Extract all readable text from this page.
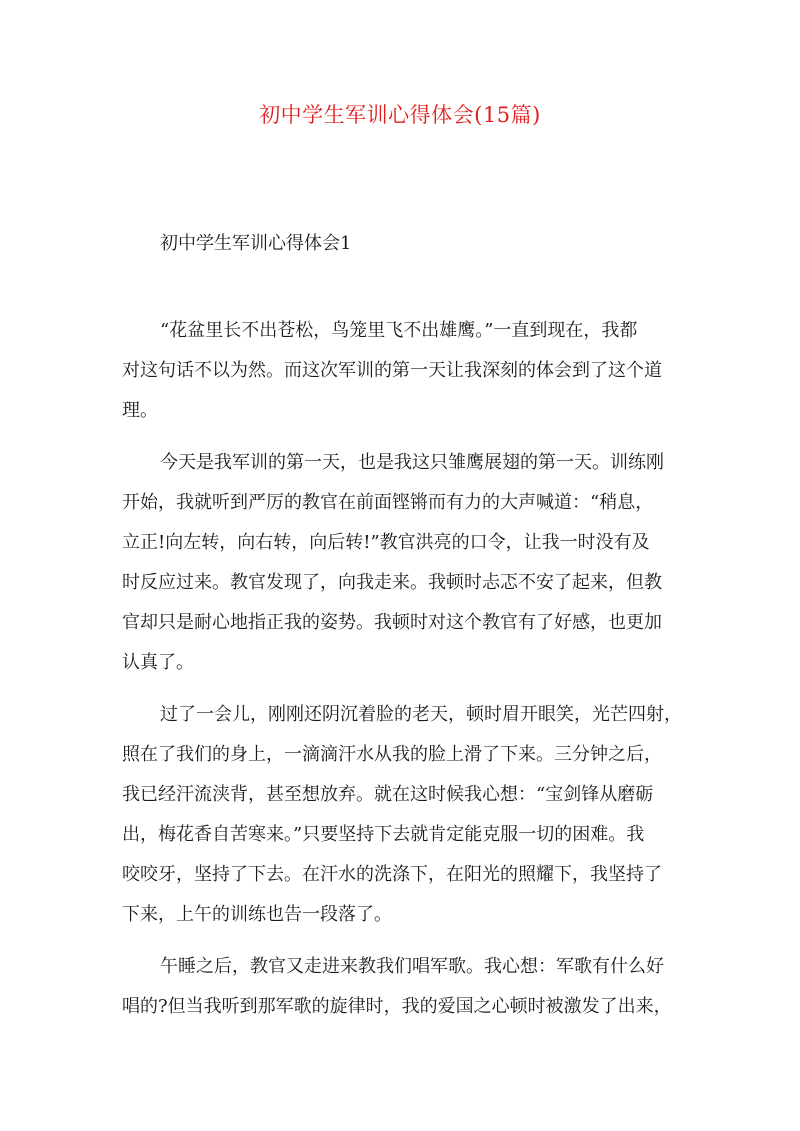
初中学生军训心得体会(15篇)
初中学生军训心得体会1
“花盆里长不出苍松，鸟笼里飞不出雄鹰。”一直到现在，我都
对这句话不以为然。而这次军训的第一天让我深刻的体会到了这个道
理。
今天是我军训的第一天，也是我这只雏鹰展翅的第一天。训练刚
开始，我就听到严厉的教官在前面铿锵而有力的大声喊道：“稍息，
立正!向左转，向右转，向后转!”教官洪亮的口令，让我一时没有及
时反应过来。教官发现了，向我走来。我顿时忐忑不安了起来，但教
官却只是耐心地指正我的姿势。我顿时对这个教官有了好感，也更加
认真了。
过了一会儿，刚刚还阴沉着脸的老天，顿时眉开眼笑，光芒四射，
照在了我们的身上，一滴滴汗水从我的脸上滑了下来。三分钟之后，
我已经汗流浃背，甚至想放弃。就在这时候我心想：“宝剑锋从磨砺
出，梅花香自苦寒来。”只要坚持下去就肯定能克服一切的困难。我
咬咬牙，坚持了下去。在汗水的洗涤下，在阳光的照耀下，我坚持了
下来，上午的训练也告一段落了。
午睡之后，教官又走进来教我们唱军歌。我心想：军歌有什么好
唱的?但当我听到那军歌的旋律时，我的爱国之心顿时被激发了出来，
